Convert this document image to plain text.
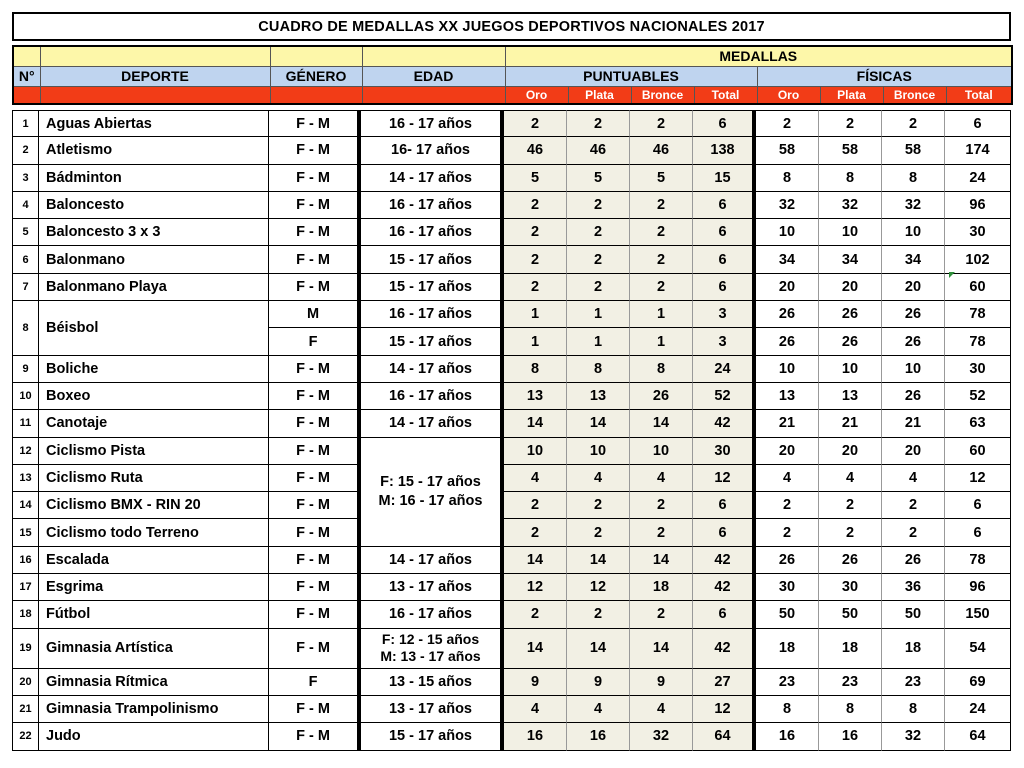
CUADRO DE MEDALLAS XX JUEGOS DEPORTIVOS NACIONALES 2017
				MEDALLAS							
N°	DEPORTE	GÉNERO	EDAD	PUNTUABLES				FÍSICAS			
				Oro	Plata	Bronce	Total	Oro	Plata	Bronce	Total
1	Aguas Abiertas	F - M	16 - 17 años	2	2	2	6	2	2	2	6
2	Atletismo	F - M	16- 17 años	46	46	46	138	58	58	58	174
3	Bádminton	F - M	14 - 17 años	5	5	5	15	8	8	8	24
4	Baloncesto	F - M	16 - 17 años	2	2	2	6	32	32	32	96
5	Baloncesto 3 x 3	F - M	16 - 17 años	2	2	2	6	10	10	10	30
6	Balonmano	F - M	15 - 17 años	2	2	2	6	34	34	34	102
7	Balonmano Playa	F - M	15 - 17 años	2	2	2	6	20	20	20	60
8	Béisbol	M	16 - 17 años	1	1	1	3	26	26	26	78
		F	15 - 17 años	1	1	1	3	26	26	26	78
9	Boliche	F - M	14 - 17 años	8	8	8	24	10	10	10	30
10	Boxeo	F - M	16 - 17 años	13	13	26	52	13	13	26	52
11	Canotaje	F - M	14 - 17 años	14	14	14	42	21	21	21	63
12	Ciclismo Pista	F - M	F: 15 - 17 años
M: 16 - 17 años	10	10	10	30	20	20	20	60
13	Ciclismo Ruta	F - M		4	4	4	12	4	4	4	12
14	Ciclismo BMX - RIN 20	F - M		2	2	2	6	2	2	2	6
15	Ciclismo todo Terreno	F - M		2	2	2	6	2	2	2	6
16	Escalada	F - M	14 - 17 años	14	14	14	42	26	26	26	78
17	Esgrima	F - M	13 - 17 años	12	12	18	42	30	30	36	96
18	Fútbol	F - M	16 - 17 años	2	2	2	6	50	50	50	150
19	Gimnasia Artística	F - M	F: 12 - 15 años
M: 13 - 17 años	14	14	14	42	18	18	18	54
20	Gimnasia Rítmica	F	13 - 15 años	9	9	9	27	23	23	23	69
21	Gimnasia Trampolinismo	F - M	13 - 17 años	4	4	4	12	8	8	8	24
22	Judo	F - M	15 - 17 años	16	16	32	64	16	16	32	64
